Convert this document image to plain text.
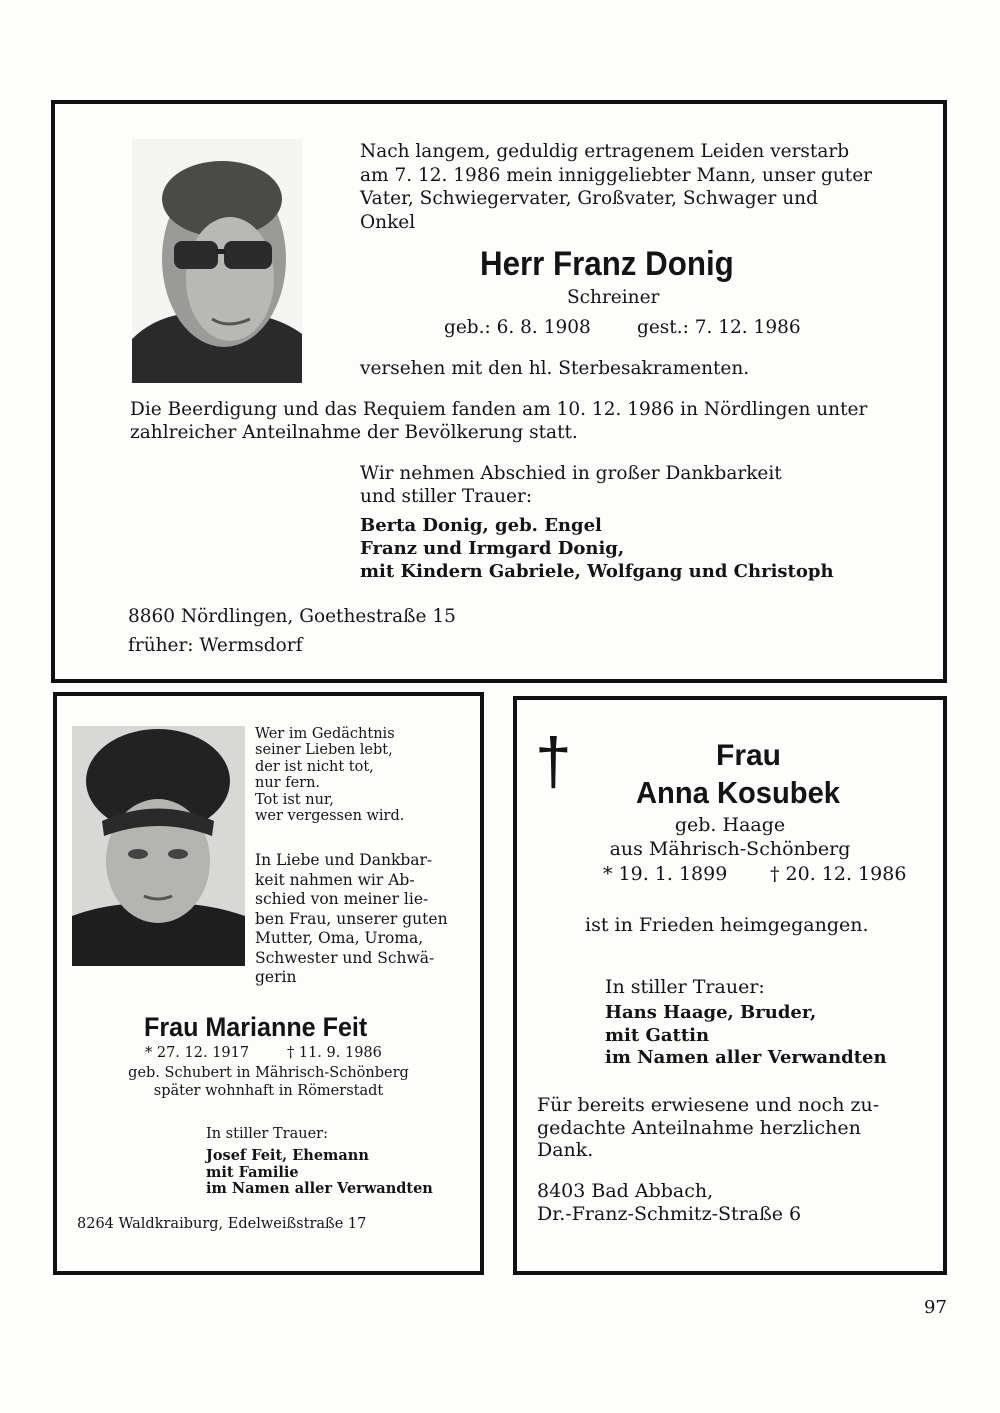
Nach langem, geduldig ertragenem Leiden verstarb
am 7. 12. 1986 mein inniggeliebter Mann, unser guter
Vater, Schwiegervater, Großvater, Schwager und
Onkel
Herr Franz Donig
Schreiner
geb.: 6. 8. 1908 gest.: 7. 12. 1986
versehen mit den hl. Sterbesakramenten.
Die Beerdigung und das Requiem fanden am 10. 12. 1986 in Nördlingen unter
zahlreicher Anteilnahme der Bevölkerung statt.
Wir nehmen Abschied in großer Dankbarkeit
und stiller Trauer:
Berta Donig, geb. Engel
Franz und Irmgard Donig,
mit Kindern Gabriele, Wolfgang und Christoph
8860 Nördlingen, Goethestraße 15
früher: Wermsdorf
Wer im Gedächtnis
seiner Lieben lebt,
der ist nicht tot,
nur fern.
Tot ist nur,
wer vergessen wird.
In Liebe und Dankbar-
keit nahmen wir Ab-
schied von meiner lie-
ben Frau, unserer guten
Mutter, Oma, Uroma,
Schwester und Schwä-
gerin
Frau Marianne Feit
* 27. 12. 1917	† 11. 9. 1986
geb. Schubert in Mährisch-Schönberg
später wohnhaft in Römerstadt
In stiller Trauer:
Josef Feit, Ehemann
mit Familie
im Namen aller Verwandten
8264 Waldkraiburg, Edelweißstraße 17
†	Frau
Anna Kosubek
geb. Haage
aus Mährisch-Schönberg
* 19. 1. 1899 † 20. 12. 1986
ist in Frieden heimgegangen.
In stiller Trauer:
Hans Haage, Bruder,
mit Gattin
im Namen aller Verwandten
Für bereits erwiesene und noch zu-
gedachte Anteilnahme herzlichen
Dank.
8403 Bad Abbach,
Dr.-Franz-Schmitz-Straße 6
97
